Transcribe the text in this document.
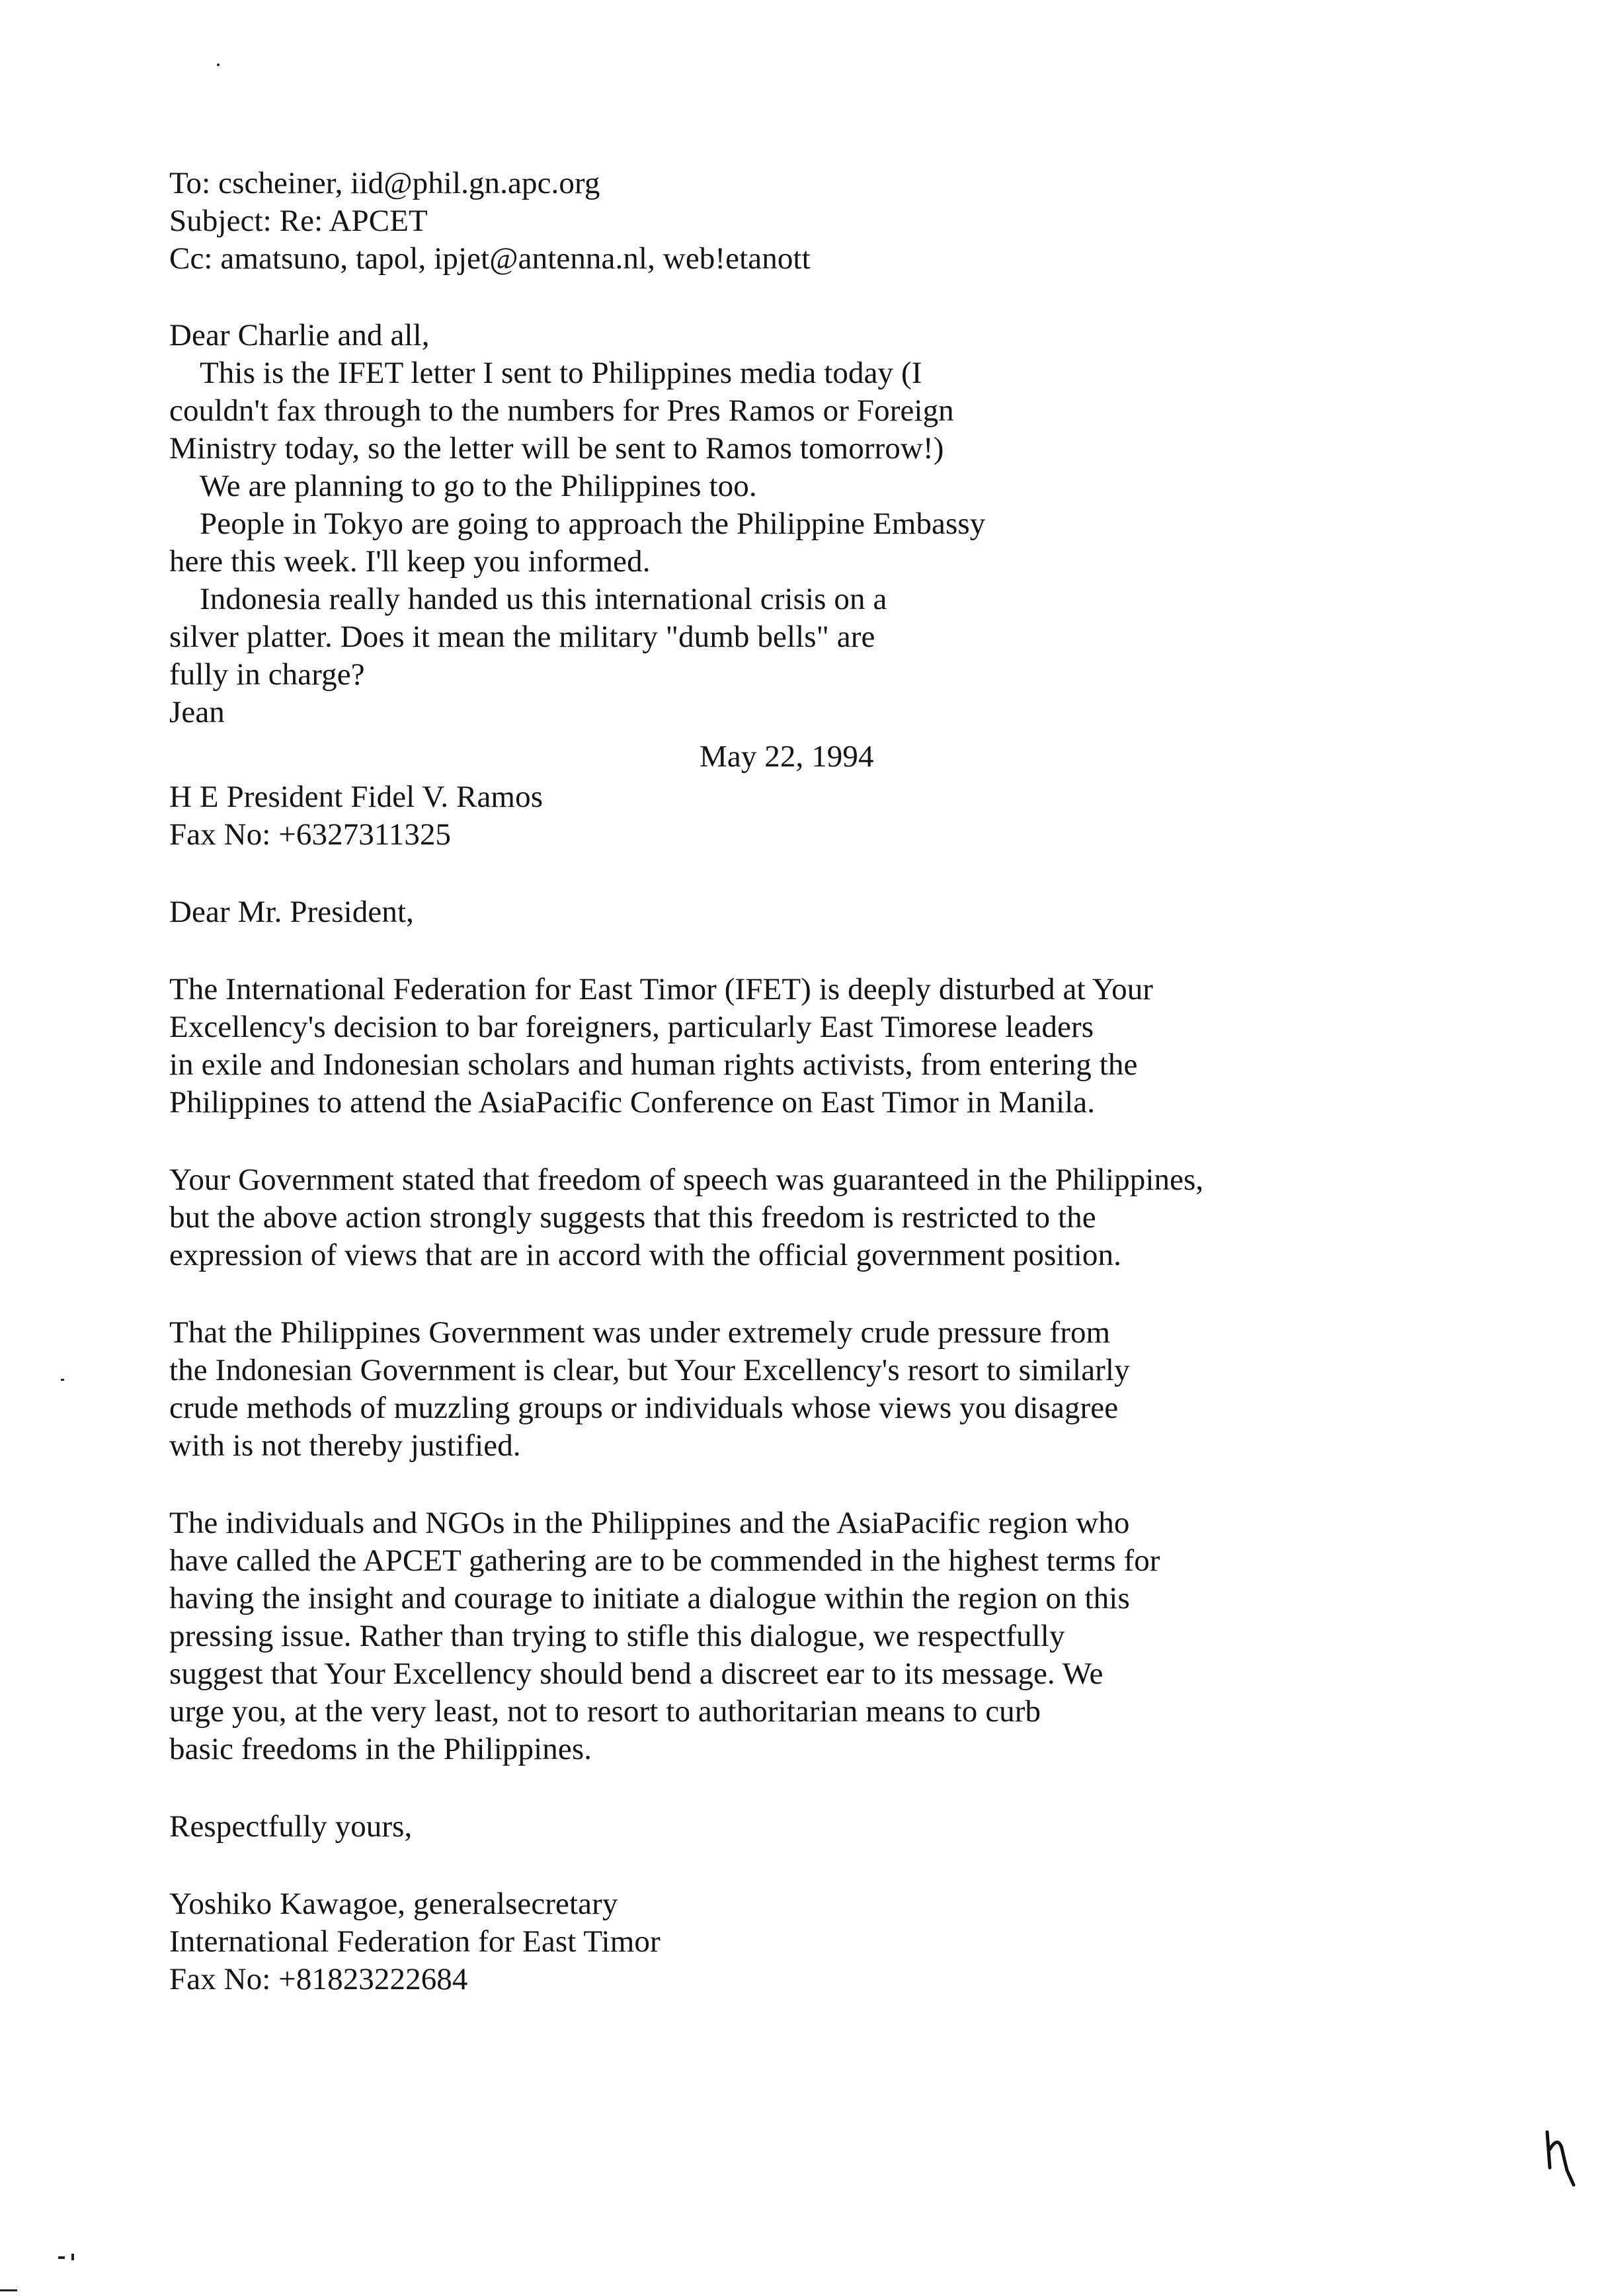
To: cscheiner, iid@phil.gn.apc.org
Subject: Re: APCET
Cc: amatsuno, tapol, ipjet@antenna.nl, web!etanott
Dear Charlie and all,
This is the IFET letter I sent to Philippines media today (I
couldn't fax through to the numbers for Pres Ramos or Foreign
Ministry today, so the letter will be sent to Ramos tomorrow!)
We are planning to go to the Philippines too.
People in Tokyo are going to approach the Philippine Embassy
here this week. I'll keep you informed.
Indonesia really handed us this international crisis on a
silver platter. Does it mean the military "dumb bells" are
fully in charge?
Jean
May 22, 1994
H E President Fidel V. Ramos
Fax No: +6327311325
Dear Mr. President,
The International Federation for East Timor (IFET) is deeply disturbed at Your
Excellency's decision to bar foreigners, particularly East Timorese leaders
in exile and Indonesian scholars and human rights activists, from entering the
Philippines to attend the AsiaPacific Conference on East Timor in Manila.
Your Government stated that freedom of speech was guaranteed in the Philippines,
but the above action strongly suggests that this freedom is restricted to the
expression of views that are in accord with the official government position.
That the Philippines Government was under extremely crude pressure from
the Indonesian Government is clear, but Your Excellency's resort to similarly
crude methods of muzzling groups or individuals whose views you disagree
with is not thereby justified.
The individuals and NGOs in the Philippines and the AsiaPacific region who
have called the APCET gathering are to be commended in the highest terms for
having the insight and courage to initiate a dialogue within the region on this
pressing issue. Rather than trying to stifle this dialogue, we respectfully
suggest that Your Excellency should bend a discreet ear to its message. We
urge you, at the very least, not to resort to authoritarian means to curb
basic freedoms in the Philippines.
Respectfully yours,
Yoshiko Kawagoe, generalsecretary
International Federation for East Timor
Fax No: +81823222684
